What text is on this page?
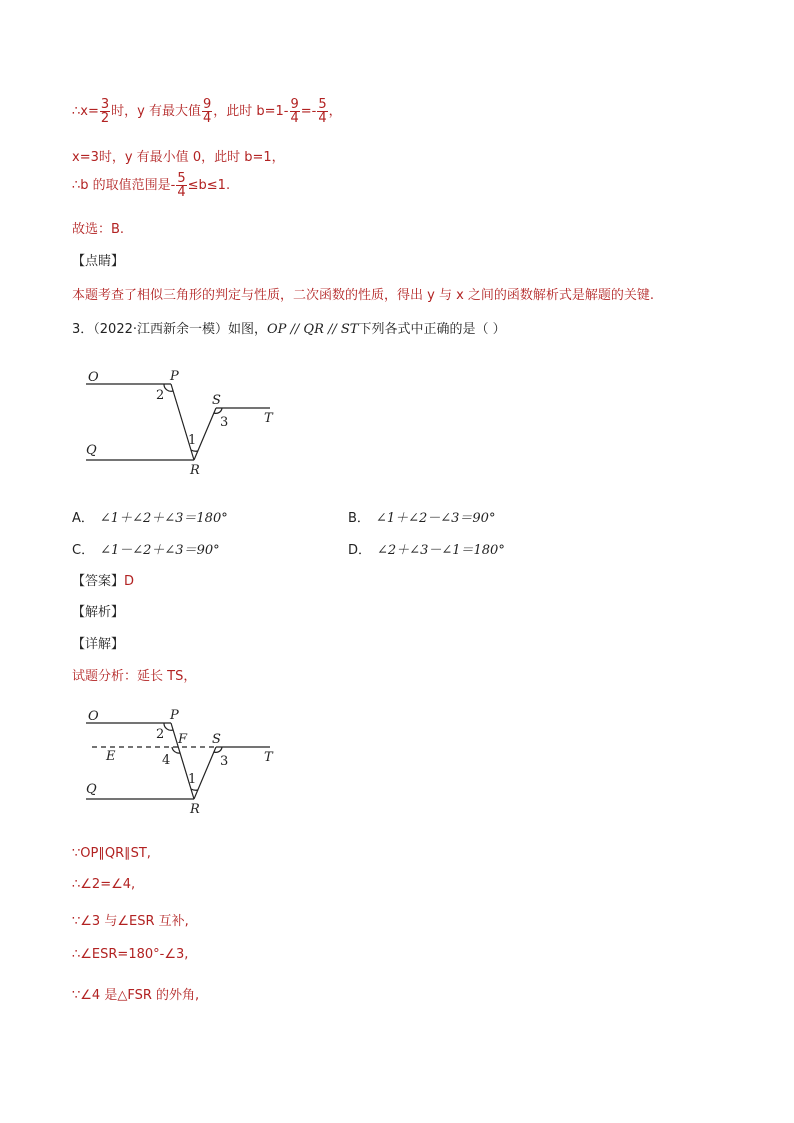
∴x= $\frac{3}{2}$ 时，y 有最大值 $\frac{9}{4}$ ，此时 $b=1- \frac{9}{4} =- \frac{5}{4}$ ，
x=3时，y 有最小值 0，此时 b=1，
∴b 的取值范围是- $\frac{5}{4} \le b\le 1$.
故选：B.
【点睛】
本题考查了相似三角形的判定与性质，二次函数的性质，得出 y 与 x 之间的函数解析式是解题的关键.
3．（2022·江西新余一模）如图，OP // QR // ST下列各式中正确的是（ ）
O	P
S
T
Q
R
2
1
3
A． ∠1＋∠2＋∠3＝180°	B． ∠1＋∠2－∠3＝90°
C． ∠1－∠2＋∠3＝90°	D． ∠2＋∠3－∠1＝180°
【答案】D
【解析】
【详解】
试题分析：延长 TS，
O	P
E
F S
T
Q
R
2
4
1
3
∵OP∥QR∥ST,
∴∠2=∠4,
∵∠3 与∠ESR 互补,
∴∠ESR=180°-∠3,
∵∠4 是△FSR 的外角,
